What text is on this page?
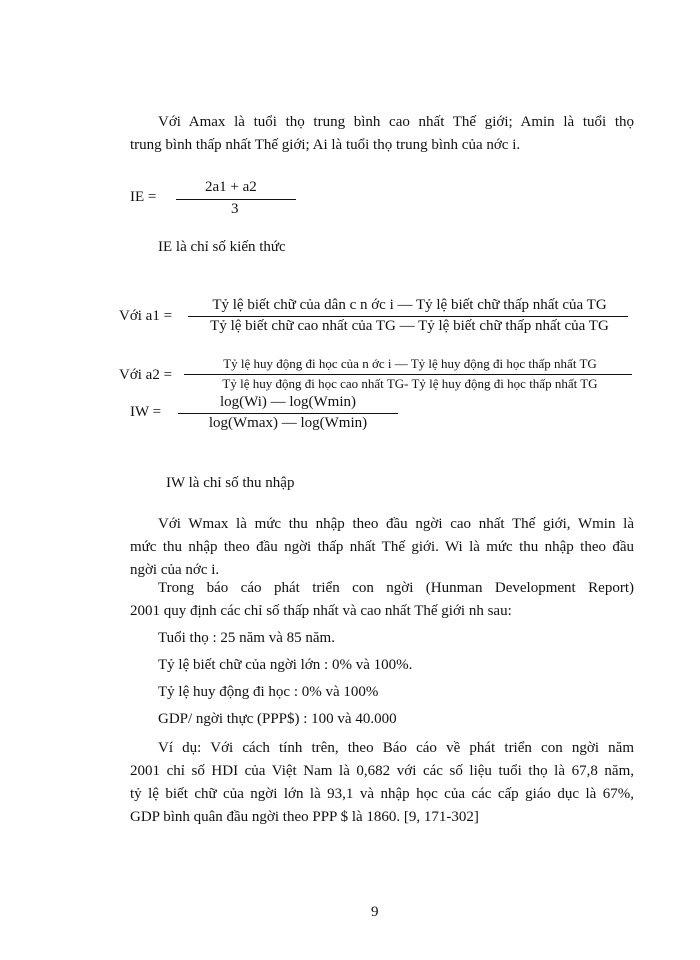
Với Amax là tuổi thọ trung bình cao nhất Thế giới; Amin là tuổi thọ
trung bình thấp nhất Thế giới; Ai là tuổi thọ trung bình của nớc i.
IE =
2a1 + a2
3
IE là chỉ số kiến thức
Với a1 =
Tỷ lệ biết chữ của dân c n ớc i — Tỷ lệ biết chữ thấp nhất của TG
Tỷ lệ biết chữ cao nhất của TG — Tỷ lệ biết chữ thấp nhất của TG
Với a2 =
Tỷ lệ huy động đi học của n ớc i — Tỷ lệ huy động đi học thấp nhất TG
Tỷ lệ huy động đi học cao nhất TG- Tỷ lệ huy động đi học thấp nhất TG
IW =
log(Wi) — log(Wmin)
log(Wmax) — log(Wmin)
IW là chỉ số thu nhập
Với Wmax là mức thu nhập theo đầu ngời cao nhất Thế giới, Wmin là
mức thu nhập theo đầu ngời thấp nhất Thế giới. Wi là mức thu nhập theo đầu
ngời của nớc i.
Trong báo cáo phát triển con ngời (Hunman Development Report)
2001 quy định các chỉ số thấp nhất và cao nhất Thế giới nh sau:
Tuổi thọ : 25 năm và 85 năm.
Tỷ lệ biết chữ của ngời lớn : 0% và 100%.
Tỷ lệ huy động đi học : 0% và 100%
GDP/ ngời thực (PPP$) : 100 và 40.000
Ví dụ: Với cách tính trên, theo Báo cáo về phát triển con ngời năm
2001 chỉ số HDI của Việt Nam là 0,682 với các số liệu tuổi thọ là 67,8 năm,
tỷ lệ biết chữ của ngời lớn là 93,1 và nhập học của các cấp giáo dục là 67%,
GDP bình quân đầu ngời theo PPP $ là 1860. [9, 171-302]
9
